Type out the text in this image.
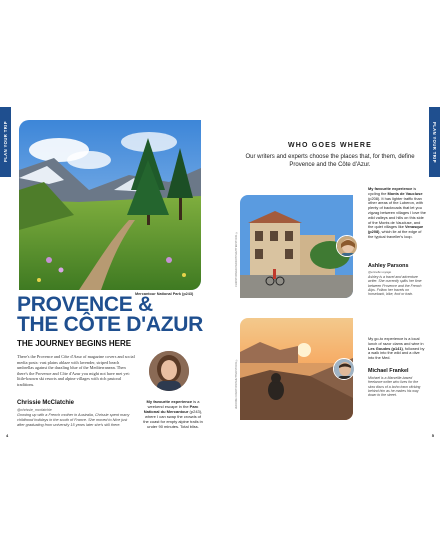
PLAN YOUR TRIP	PLAN YOUR TRIP
Mercantour National Park (p243)
PROVENCE &
THE CÔTE D'AZUR
THE JOURNEY BEGINS HERE
There's the Provence and Côte d'Azur of magazine covers and social media posts: vast plains ablaze with lavender, striped beach umbrellas against the dazzling blue of the Mediterranean. Then there's the Provence and Côte d'Azur you might not have met yet: little-known ski resorts and alpine villages with rich pastoral traditions.
Chrissie McClatchie
@chrissie_mcclatchie
Growing up with a French mother in Australia, Chrissie spent many childhood holidays in the south of France. She moved to Nice just after graduating from university 15 years later she's still there.
My favourite experience is a weekend escape in the Parc National du Mercantour (p243), where I can swap the crowds of the coast for empty alpine trails in under 90 minutes. Total bliss.
4
WHO GOES WHERE
Our writers and experts choose the places that, for them, define Provence and the Côte d'Azur.
CHRISTOPHER PERROT/SHUTTERSTOCK ©
My favourite experience is cycling the Monts de Vaucluse (p208). It has lighter traffic than other areas of the Luberon, with plenty of backroads that let you zigzag between villages I love the wild valleys and hills on this side of the Monts de Vaucluse, and the quiet villages like Venasque (p208), which lie at the edge of the typical traveller's loop.
Ashley Parsons
@ennelle.voyage
Ashley is a travel and adventure writer. She currently splits her time between Provence and the French Alps. Follow her travels on horseback, bike, foot or train.
JEROME COURTOIS/SHUTTERSTOCK ©
My go-to experience is a local lunch of razor clams and wine in Les Goudes (p141), followed by a walk into the wild and a dive into the Med.
Michael Frankel
Michael is a Marseille-based freelance writer who lives for the slow discs of a boho town clicking behind him as he makes his way down to the street.
5
